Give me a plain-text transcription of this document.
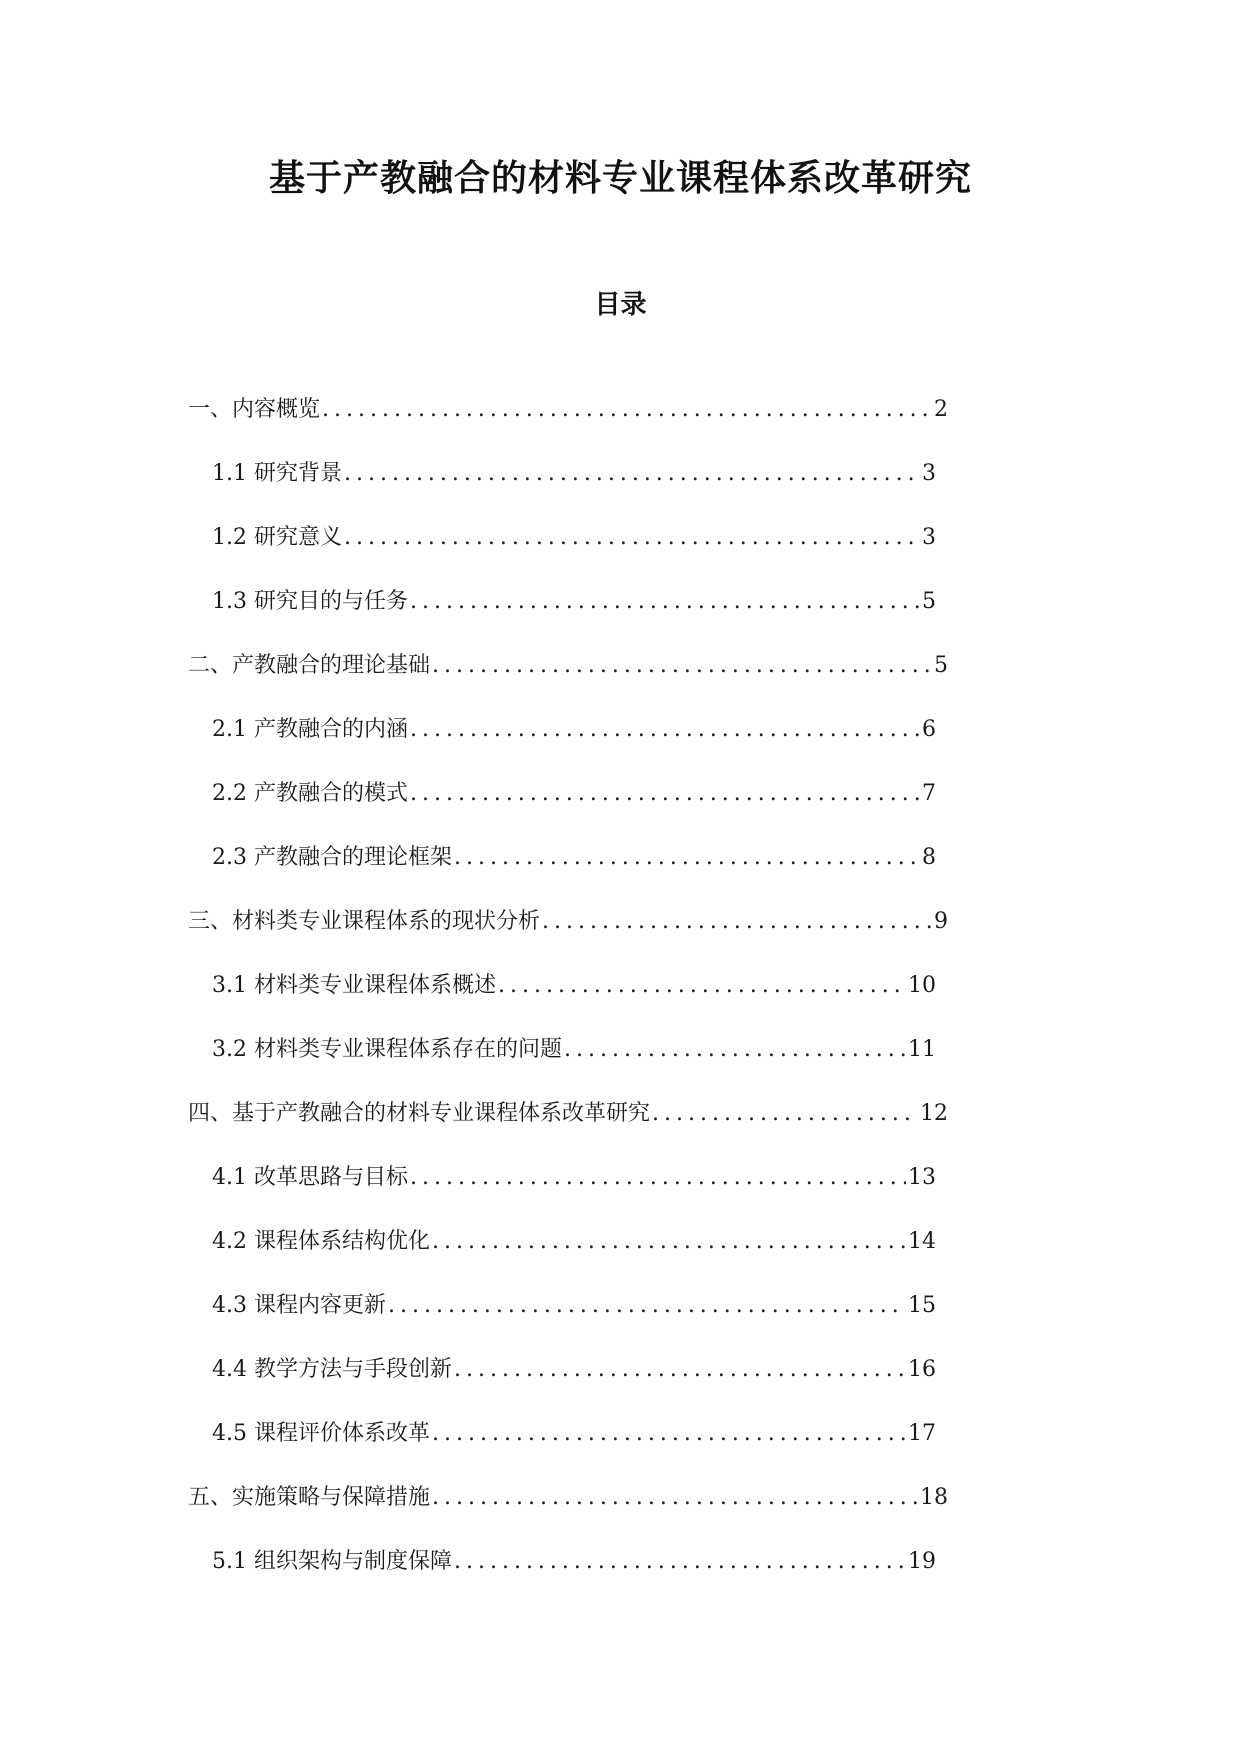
基于产教融合的材料专业课程体系改革研究
目录
一、内容概览 .....	2
1.1 研究背景 .....	3
1.2 研究意义 .....	3
1.3 研究目的与任务 .....	5
二、产教融合的理论基础 .....	5
2.1 产教融合的内涵 .....	6
2.2 产教融合的模式 .....	7
2.3 产教融合的理论框架 .....	8
三、材料类专业课程体系的现状分析 .....	9
3.1 材料类专业课程体系概述 .....	10
3.2 材料类专业课程体系存在的问题 .....	11
四、基于产教融合的材料专业课程体系改革研究 .....	12
4.1 改革思路与目标 .....	13
4.2 课程体系结构优化 .....	14
4.3 课程内容更新 .....	15
4.4 教学方法与手段创新 .....	16
4.5 课程评价体系改革 .....	17
五、实施策略与保障措施 .....	18
5.1 组织架构与制度保障 .....	19
